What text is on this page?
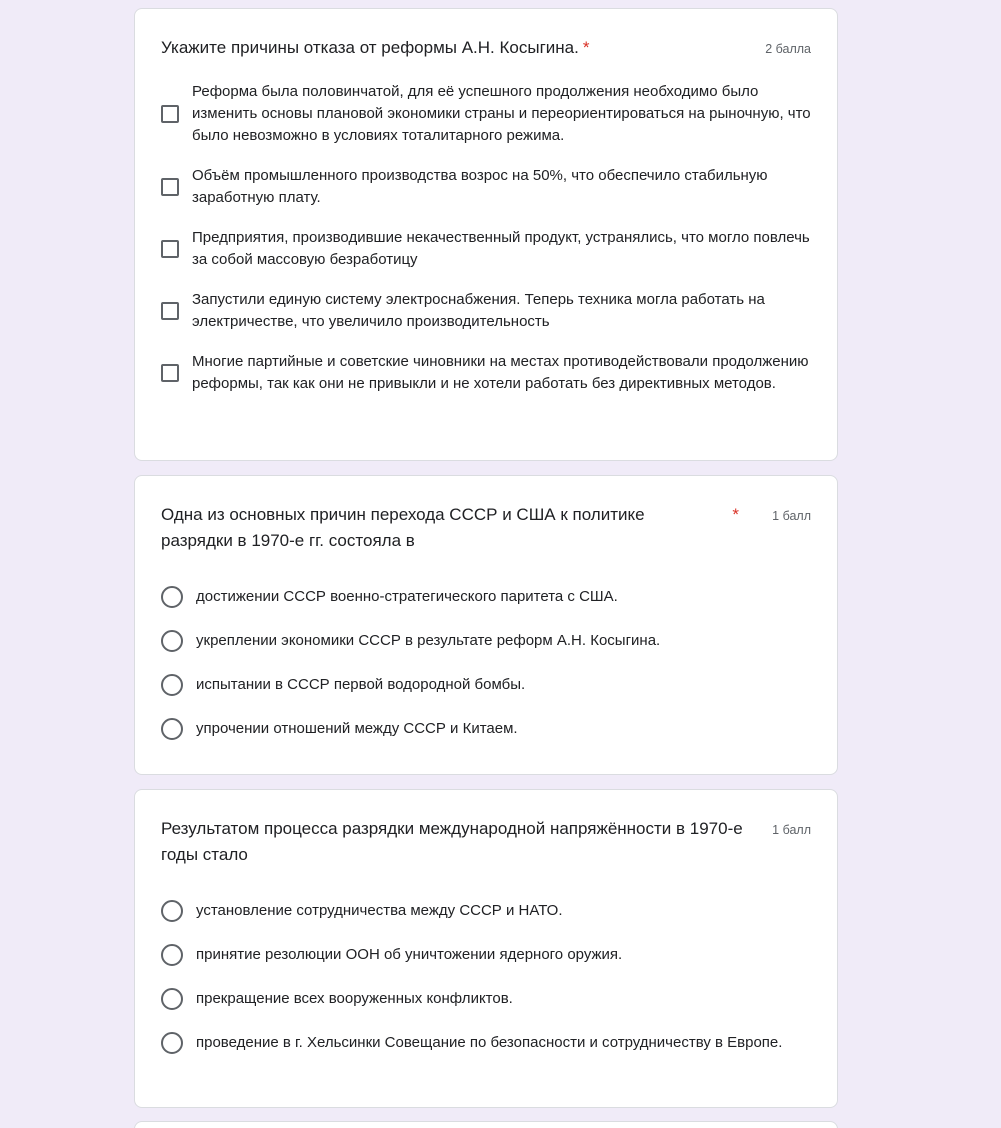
Укажите причины отказа от реформы А.Н. Косыгина. *	2 балла
Реформа была половинчатой, для её успешного продолжения необходимо было изменить основы плановой экономики страны и переориентироваться на рыночную, что было невозможно в условиях тоталитарного режима.
Объём промышленного производства возрос на 50%, что обеспечило стабильную заработную плату.
Предприятия, производившие некачественный продукт, устранялись, что могло повлечь за собой массовую безработицу
Запустили единую систему электроснабжения. Теперь техника могла работать на электричестве, что увеличило производительность
Многие партийные и советские чиновники на местах противодействовали продолжению реформы, так как они не привыкли и не хотели работать без директивных методов.
Одна из основных причин перехода СССР и США к политике разрядки в 1970-е гг. состояла в
*	1 балл
достижении СССР военно-стратегического паритета с США.
укреплении экономики СССР в результате реформ А.Н. Косыгина.
испытании в СССР первой водородной бомбы.
упрочении отношений между СССР и Китаем.
Результатом процесса разрядки международной напряжённости в 1970-е годы стало
1 балл
установление сотрудничества между СССР и НАТО.
принятие резолюции ООН об уничтожении ядерного оружия.
прекращение всех вооруженных конфликтов.
проведение в г. Хельсинки Совещание по безопасности и сотрудничеству в Европе.
